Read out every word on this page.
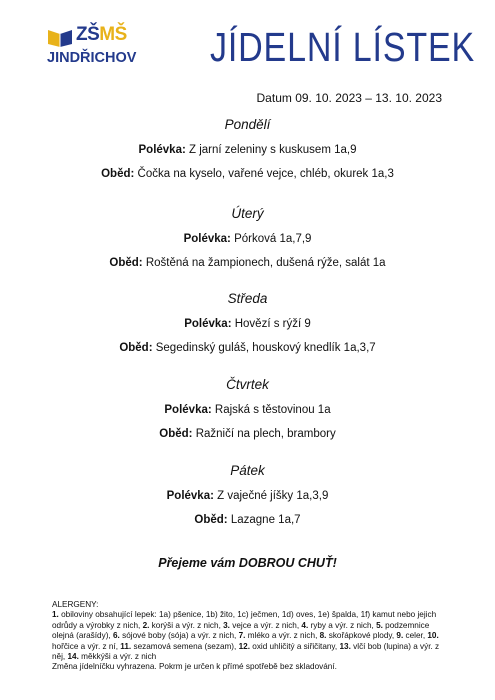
ZŠMŠ
JINDŘICHOV JÍDELNÍ LÍSTEK
Datum 09. 10. 2023 – 13. 10. 2023
Pondělí
Polévka: Z jarní zeleniny s kuskusem 1a,9
Oběd: Čočka na kyselo, vařené vejce, chléb, okurek 1a,3
Úterý
Polévka: Pórková 1a,7,9
Oběd: Roštěná na žampionech, dušená rýže, salát 1a
Středa
Polévka: Hovězí s rýží 9
Oběd: Segedinský guláš, houskový knedlík 1a,3,7
Čtvrtek
Polévka: Rajská s těstovinou 1a
Oběd: Ražničí na plech, brambory
Pátek
Polévka: Z vaječné jíšky 1a,3,9
Oběd: Lazagne 1a,7
Přejeme vám DOBROU CHUŤ!
ALERGENY:
1. obiloviny obsahující lepek: 1a) pšenice, 1b) žito, 1c) ječmen, 1d) oves, 1e) špalda, 1f) kamut nebo jejich odrůdy a výrobky z nich, 2. korýši a výr. z nich, 3. vejce a výr. z nich, 4. ryby a výr. z nich, 5. podzemnice olejná (arašídy), 6. sójové boby (sója) a výr. z nich, 7. mléko a výr. z nich, 8. skořápkové plody, 9. celer, 10. hořčice a výr. z ní, 11. sezamová semena (sezam), 12. oxid uhličitý a siřičitany, 13. vlčí bob (lupina) a výr. z něj, 14. měkkýši a výr. z nich
Změna jídelníčku vyhrazena. Pokrm je určen k přímé spotřebě bez skladování.
